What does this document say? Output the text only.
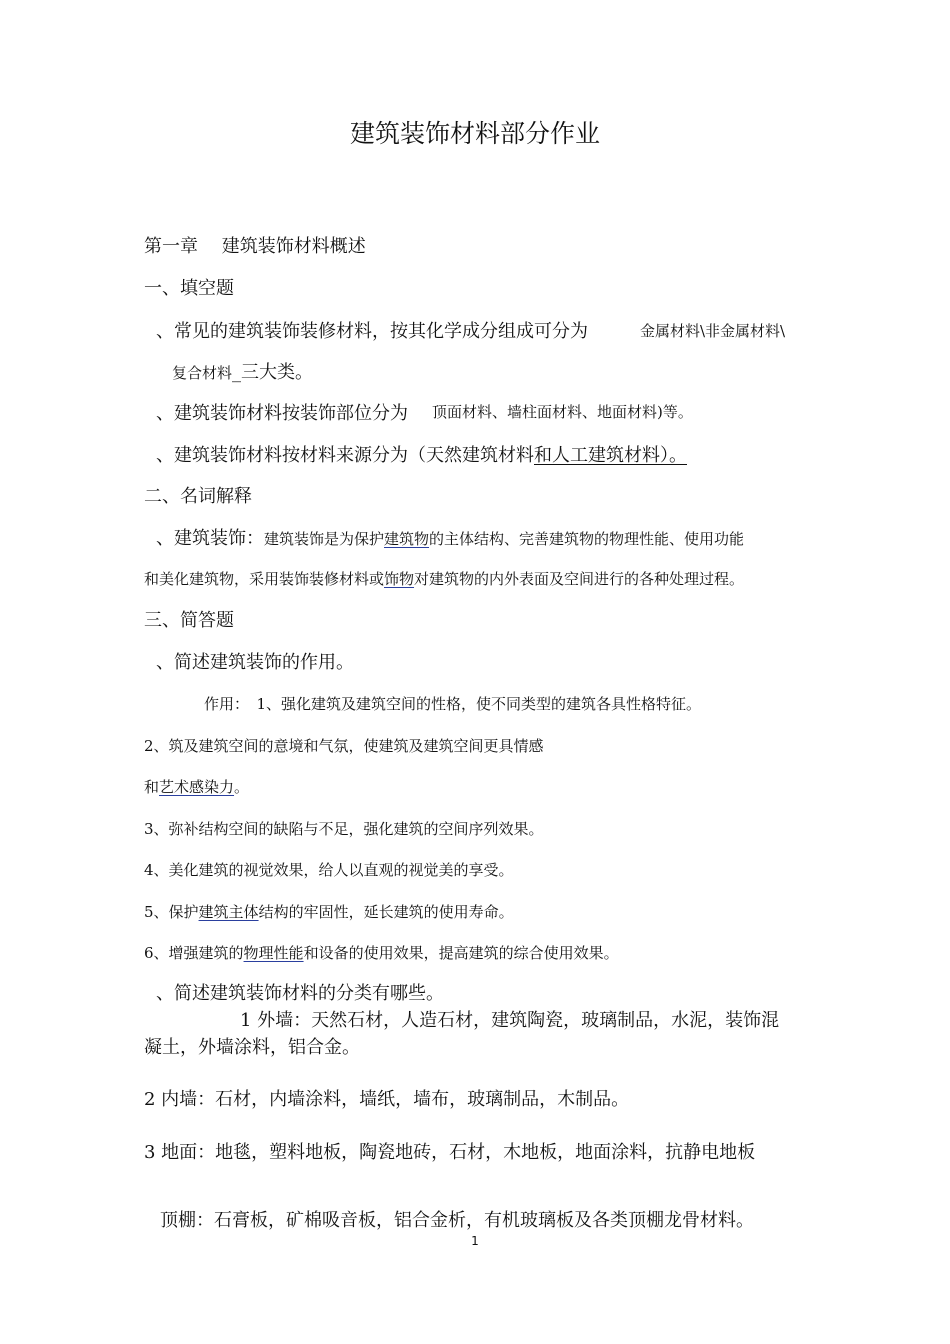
建筑装饰材料部分作业
第一章　 建筑装饰材料概述
一、填空题
、常见的建筑装饰装修材料，按其化学成分组成可分为	金属材料\非金属材料\
复合材料_三大类。
、建筑装饰材料按装饰部位分为 顶面材料、墙柱面材料、地面材料)等。
、建筑装饰材料按材料来源分为（天然建筑材料和人工建筑材料）。
二、名词解释
、建筑装饰：建筑装饰是为保护建筑物的主体结构、完善建筑物的物理性能、使用功能
和美化建筑物，采用装饰装修材料或饰物对建筑物的内外表面及空间进行的各种处理过程。
三、简答题
、简述建筑装饰的作用。
作用：　1、强化建筑及建筑空间的性格，使不同类型的建筑各具性格特征。
2、筑及建筑空间的意境和气氛，使建筑及建筑空间更具情感
和艺术感染力。
3、弥补结构空间的缺陷与不足，强化建筑的空间序列效果。
4、美化建筑的视觉效果，给人以直观的视觉美的享受。
5、保护建筑主体结构的牢固性，延长建筑的使用寿命。
6、增强建筑的物理性能和设备的使用效果，提高建筑的综合使用效果。
、简述建筑装饰材料的分类有哪些。
1 外墙：天然石材，人造石材，建筑陶瓷，玻璃制品，水泥，装饰混
凝土，外墙涂料，铝合金。
2 内墙：石材，内墙涂料，墙纸，墙布，玻璃制品，木制品。
3 地面：地毯，塑料地板，陶瓷地砖，石材，木地板，地面涂料，抗静电地板
顶棚：石膏板，矿棉吸音板，铝合金析，有机玻璃板及各类顶棚龙骨材料。
1
